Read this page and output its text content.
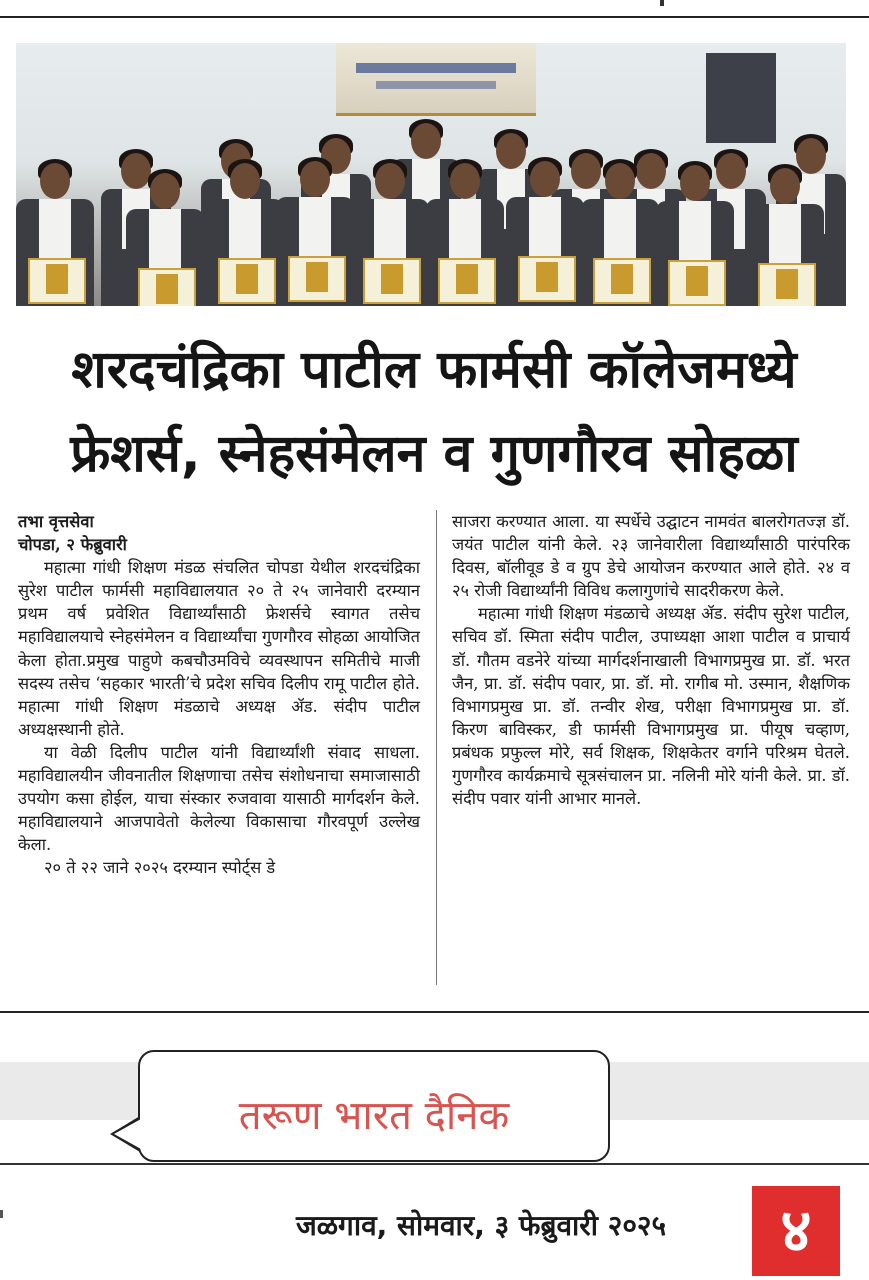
शरदचंद्रिका पाटील फार्मसी कॉलेजमध्ये
फ्रेशर्स, स्नेहसंमेलन व गुणगौरव सोहळा

तभा वृत्तसेवा

चोपडा, २ फेब्रुवारी

महात्मा गांधी शिक्षण मंडळ संचलित चोपडा येथील शरदचंद्रिका सुरेश पाटील फार्मसी महाविद्यालयात २० ते २५ जानेवारी दरम्यान प्रथम वर्ष प्रवेशित विद्यार्थ्यांसाठी फ्रेशर्सचे स्वागत तसेच महाविद्यालयाचे स्नेहसंमेलन व विद्यार्थ्यांचा गुणगौरव सोहळा आयोजित केला होता.प्रमुख पाहुणे कबचौउमविचे व्यवस्थापन समितीचे माजी सदस्य तसेच ‘सहकार भारती’चे प्रदेश सचिव दिलीप रामू पाटील होते. महात्मा गांधी शिक्षण मंडळाचे अध्यक्ष ॲड. संदीप पाटील अध्यक्षस्थानी होते.

या वेळी दिलीप पाटील यांनी विद्यार्थ्यांशी संवाद साधला. महाविद्यालयीन जीवनातील शिक्षणाचा तसेच संशोधनाचा समाजासाठी उपयोग कसा होईल, याचा संस्कार रुजवावा यासाठी मार्गदर्शन केले. महाविद्यालयाने आजपावेतो केलेल्या विकासाचा गौरवपूर्ण उल्लेख केला.

२० ते २२ जाने २०२५ दरम्यान स्पोर्ट्स डे

साजरा करण्यात आला. या स्पर्धेचे उद्घाटन नामवंत बालरोगतज्ज्ञ डॉ. जयंत पाटील यांनी केले. २३ जानेवारीला विद्यार्थ्यांसाठी पारंपरिक दिवस, बॉलीवूड डे व ग्रुप डेचे आयोजन करण्यात आले होते. २४ व २५ रोजी विद्यार्थ्यांनी विविध कलागुणांचे सादरीकरण केले.

महात्मा गांधी शिक्षण मंडळाचे अध्यक्ष ॲड. संदीप सुरेश पाटील, सचिव डॉ. स्मिता संदीप पाटील, उपाध्यक्षा आशा पाटील व प्राचार्य डॉ. गौतम वडनेरे यांच्या मार्गदर्शनाखाली विभागप्रमुख प्रा. डॉ. भरत जैन, प्रा. डॉ. संदीप पवार, प्रा. डॉ. मो. रागीब मो. उस्मान, शैक्षणिक विभागप्रमुख प्रा. डॉ. तन्वीर शेख, परीक्षा विभागप्रमुख प्रा. डॉ. किरण बाविस्कर, डी फार्मसी विभागप्रमुख प्रा. पीयूष चव्हाण, प्रबंधक प्रफुल्ल मोरे, सर्व शिक्षक, शिक्षकेतर वर्गाने परिश्रम घेतले. गुणगौरव कार्यक्रमाचे सूत्रसंचालन प्रा. नलिनी मोरे यांनी केले. प्रा. डॉ. संदीप पवार यांनी आभार मानले.

तरूण भारत दैनिक
जळगाव, सोमवार, ३ फेब्रुवारी २०२५	४
